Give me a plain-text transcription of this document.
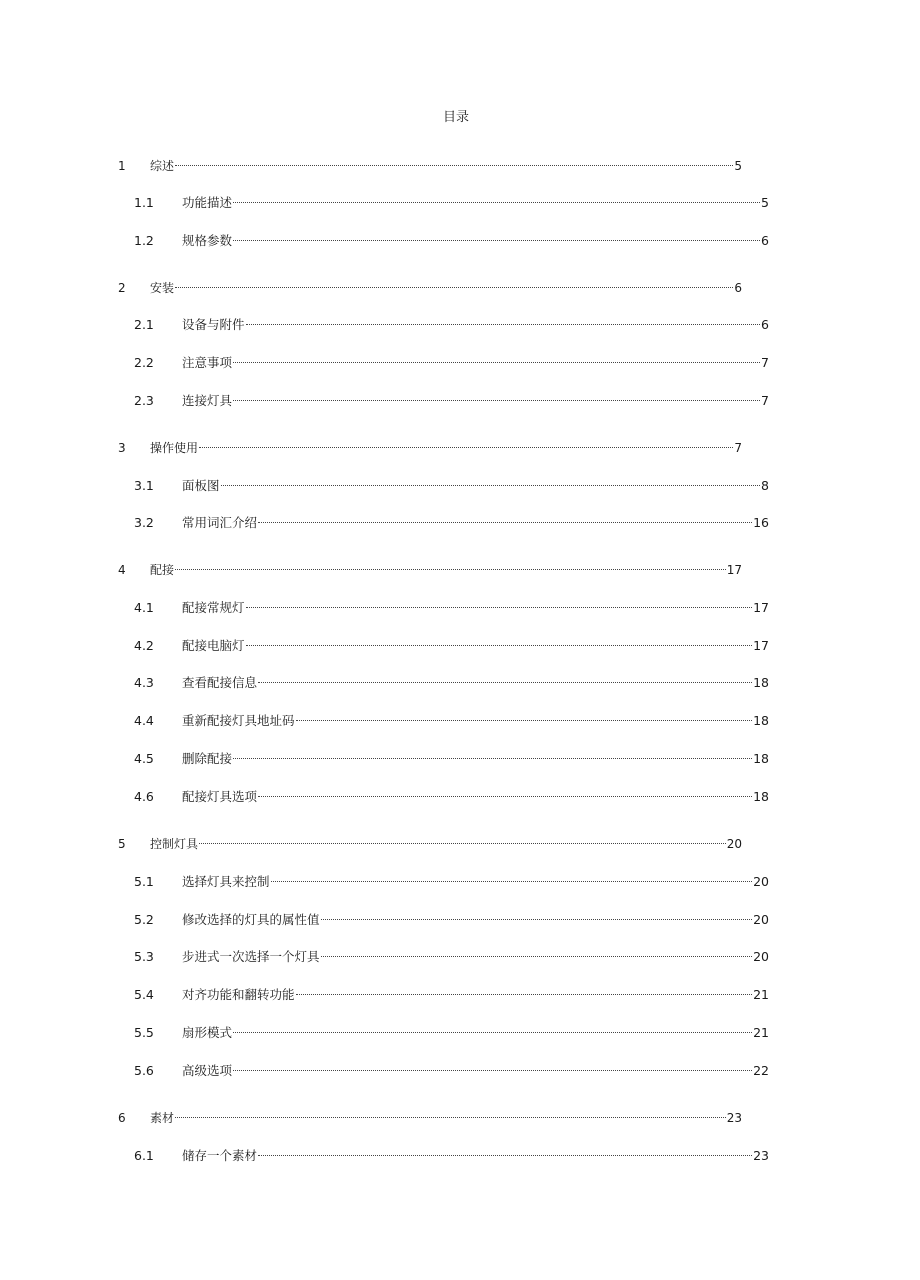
目录
1	综述	5
1.1	功能描述	5
1.2	规格参数	6
2	安装	6
2.1	设备与附件	6
2.2	注意事项	7
2.3	连接灯具	7
3	操作使用	7
3.1	面板图	8
3.2	常用词汇介绍	16
4	配接	17
4.1	配接常规灯	17
4.2	配接电脑灯	17
4.3	查看配接信息	18
4.4	重新配接灯具地址码	18
4.5	删除配接	18
4.6	配接灯具选项	18
5	控制灯具	20
5.1	选择灯具来控制	20
5.2	修改选择的灯具的属性值	20
5.3	步进式一次选择一个灯具	20
5.4	对齐功能和翻转功能	21
5.5	扇形模式	21
5.6	高级选项	22
6	素材	23
6.1	储存一个素材	23
